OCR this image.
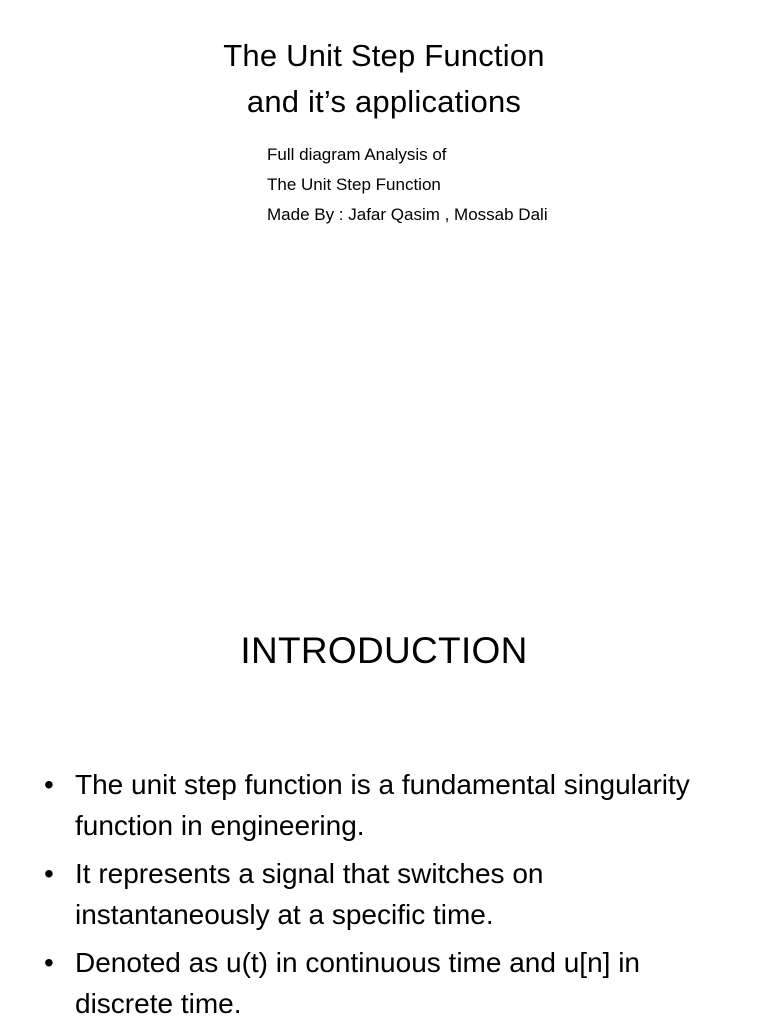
The Unit Step Function
and it’s applications
Full diagram Analysis of
The Unit Step Function
Made By : Jafar Qasim , Mossab Dali
INTRODUCTION
• The unit step function is a fundamental singularity function in engineering.
• It represents a signal that switches on instantaneously at a specific time.
• Denoted as u(t) in continuous time and u[n] in discrete time.
